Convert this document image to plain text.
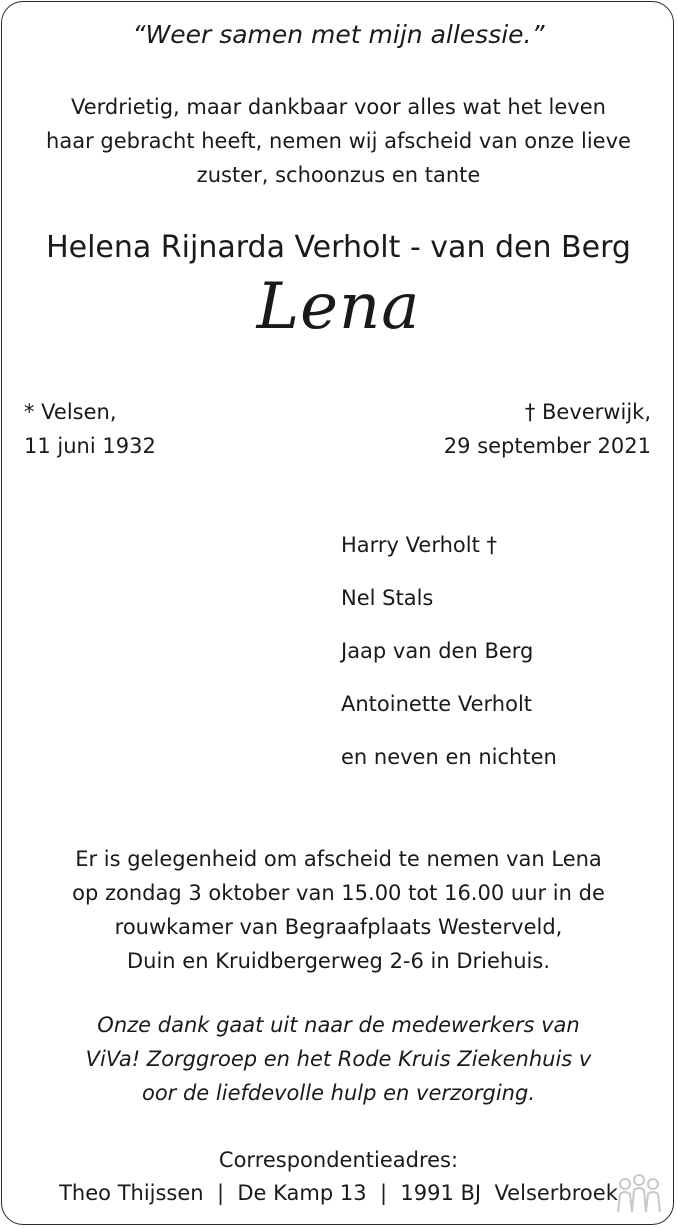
“Weer samen met mijn allessie.”
Verdrietig, maar dankbaar voor alles wat het leven
haar gebracht heeft, nemen wij afscheid van onze lieve
zuster, schoonzus en tante
Helena Rijnarda Verholt - van den Berg
Lena
* Velsen,
11 juni 1932
† Beverwijk,
29 september 2021
Harry Verholt †
Nel Stals
Jaap van den Berg
Antoinette Verholt
en neven en nichten
Er is gelegenheid om afscheid te nemen van Lena
op zondag 3 oktober van 15.00 tot 16.00 uur in de
rouwkamer van Begraafplaats Westerveld,
Duin en Kruidbergerweg 2-6 in Driehuis.
Onze dank gaat uit naar de medewerkers van
ViVa! Zorggroep en het Rode Kruis Ziekenhuis v
oor de liefdevolle hulp en verzorging.
Correspondentieadres:
Theo Thijssen  |  De Kamp 13  |  1991 BJ  Velserbroek
